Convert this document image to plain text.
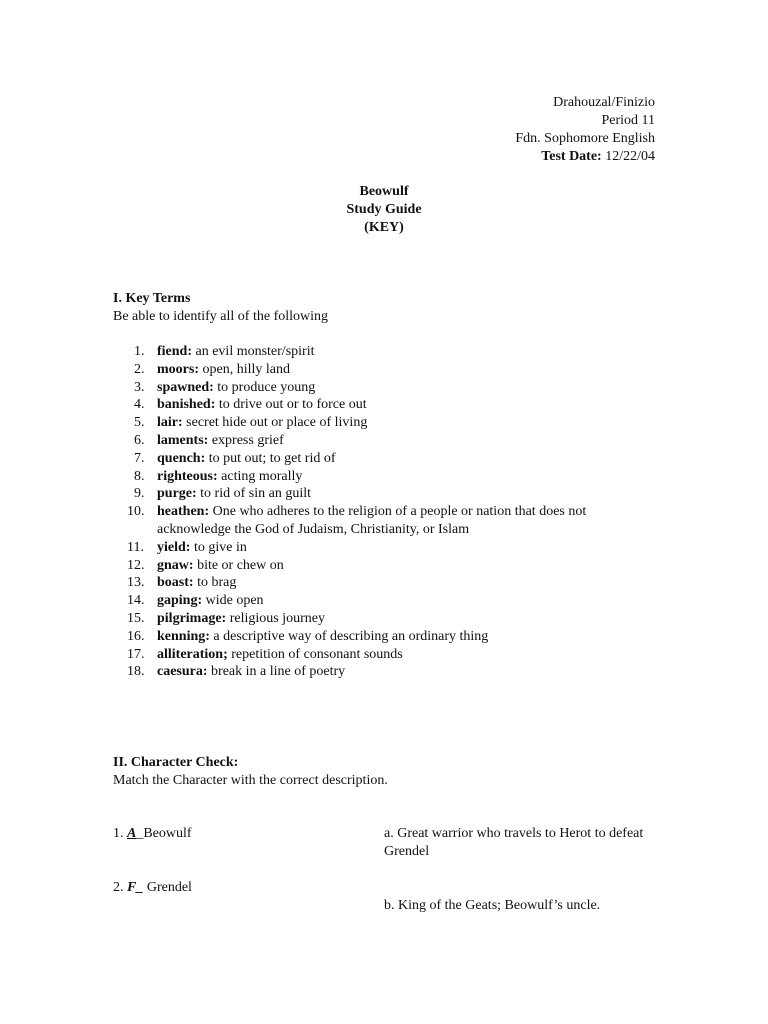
Drahouzal/Finizio
Period 11
Fdn. Sophomore English
Test Date: 12/22/04
Beowulf
Study Guide
(KEY)
I. Key Terms
Be able to identify all of the following
1. fiend: an evil monster/spirit
2. moors: open, hilly land
3. spawned: to produce young
4. banished: to drive out or to force out
5. lair: secret hide out or place of living
6. laments: express grief
7. quench: to put out; to get rid of
8. righteous: acting morally
9. purge: to rid of sin an guilt
10. heathen: One who adheres to the religion of a people or nation that does not acknowledge the God of Judaism, Christianity, or Islam
11. yield: to give in
12. gnaw: bite or chew on
13. boast: to brag
14. gaping: wide open
15. pilgrimage: religious journey
16. kenning: a descriptive way of describing an ordinary thing
17. alliteration; repetition of consonant sounds
18. caesura: break in a line of poetry
II. Character Check:
Match the Character with the correct description.
1. A_Beowulf
2. F_ Grendel
a. Great warrior who travels to Herot to defeat Grendel
b. King of the Geats; Beowulf’s uncle.
